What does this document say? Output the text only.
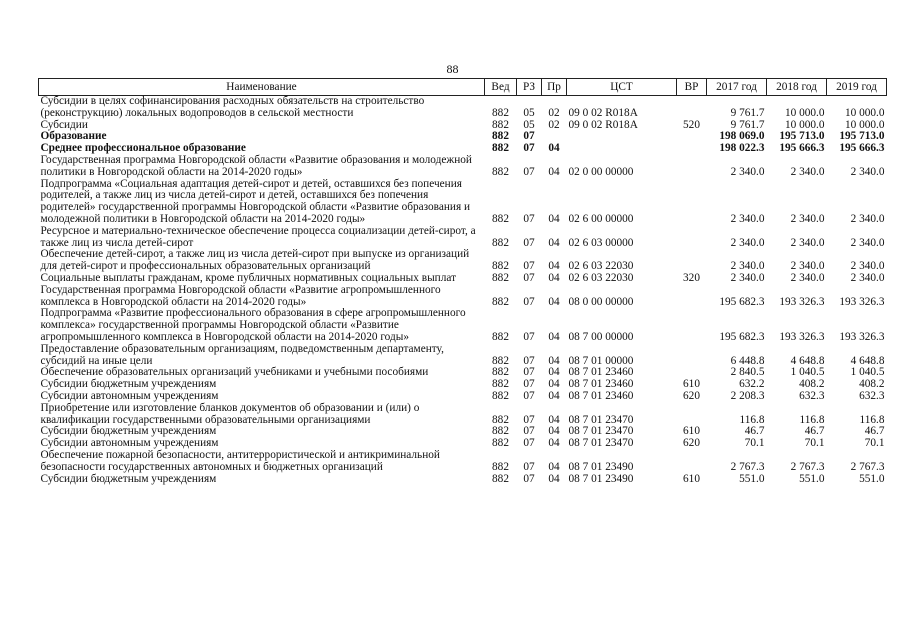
88
Наименование	Вед	РЗ	Пр	ЦСТ	ВР	2017 год	2018 год	2019 год
Субсидии в целях софинансирования расходных обязательств на строительство (реконструкцию) локальных водопроводов в сельской местности	882	05	02	09 0 02 R018A		9 761.7	10 000.0	10 000.0
Субсидии	882	05	02	09 0 02 R018A	520	9 761.7	10 000.0	10 000.0
Образование	882	07				198 069.0	195 713.0	195 713.0
Среднее профессиональное образование	882	07	04			198 022.3	195 666.3	195 666.3
Государственная программа Новгородской области «Развитие образования и молодежной политики в Новгородской области на 2014-2020 годы»	882	07	04	02 0 00 00000		2 340.0	2 340.0	2 340.0
Подпрограмма «Социальная адаптация детей-сирот и детей, оставшихся без попечения родителей, а также лиц из числа детей-сирот и детей, оставшихся без попечения родителей» государственной программы Новгородской области «Развитие образования и молодежной политики в Новгородской области на 2014-2020 годы»	882	07	04	02 6 00 00000		2 340.0	2 340.0	2 340.0
Ресурсное и материально-техническое обеспечение процесса социализации детей-сирот, а также лиц из числа детей-сирот	882	07	04	02 6 03 00000		2 340.0	2 340.0	2 340.0
Обеспечение детей-сирот, а также лиц из числа детей-сирот при выпуске из организаций для детей-сирот и профессиональных образовательных организаций	882	07	04	02 6 03 22030		2 340.0	2 340.0	2 340.0
Социальные выплаты гражданам, кроме публичных нормативных социальных выплат	882	07	04	02 6 03 22030	320	2 340.0	2 340.0	2 340.0
Государственная программа Новгородской области «Развитие агропромышленного комплекса в Новгородской области на 2014-2020 годы»	882	07	04	08 0 00 00000		195 682.3	193 326.3	193 326.3
Подпрограмма «Развитие профессионального образования в сфере агропромышленного комплекса» государственной программы Новгородской области «Развитие агропромышленного комплекса в Новгородской области на 2014-2020 годы»	882	07	04	08 7 00 00000		195 682.3	193 326.3	193 326.3
Предоставление образовательным организациям, подведомственным департаменту, субсидий на иные цели	882	07	04	08 7 01 00000		6 448.8	4 648.8	4 648.8
Обеспечение образовательных организаций учебниками и учебными пособиями	882	07	04	08 7 01 23460		2 840.5	1 040.5	1 040.5
Субсидии бюджетным учреждениям	882	07	04	08 7 01 23460	610	632.2	408.2	408.2
Субсидии автономным учреждениям	882	07	04	08 7 01 23460	620	2 208.3	632.3	632.3
Приобретение или изготовление бланков документов об образовании и (или) о квалификации государственными образовательными организациями	882	07	04	08 7 01 23470		116.8	116.8	116.8
Субсидии бюджетным учреждениям	882	07	04	08 7 01 23470	610	46.7	46.7	46.7
Субсидии автономным учреждениям	882	07	04	08 7 01 23470	620	70.1	70.1	70.1
Обеспечение пожарной безопасности, антитеррористической и антикриминальной безопасности государственных автономных и бюджетных организаций	882	07	04	08 7 01 23490		2 767.3	2 767.3	2 767.3
Субсидии бюджетным учреждениям	882	07	04	08 7 01 23490	610	551.0	551.0	551.0
